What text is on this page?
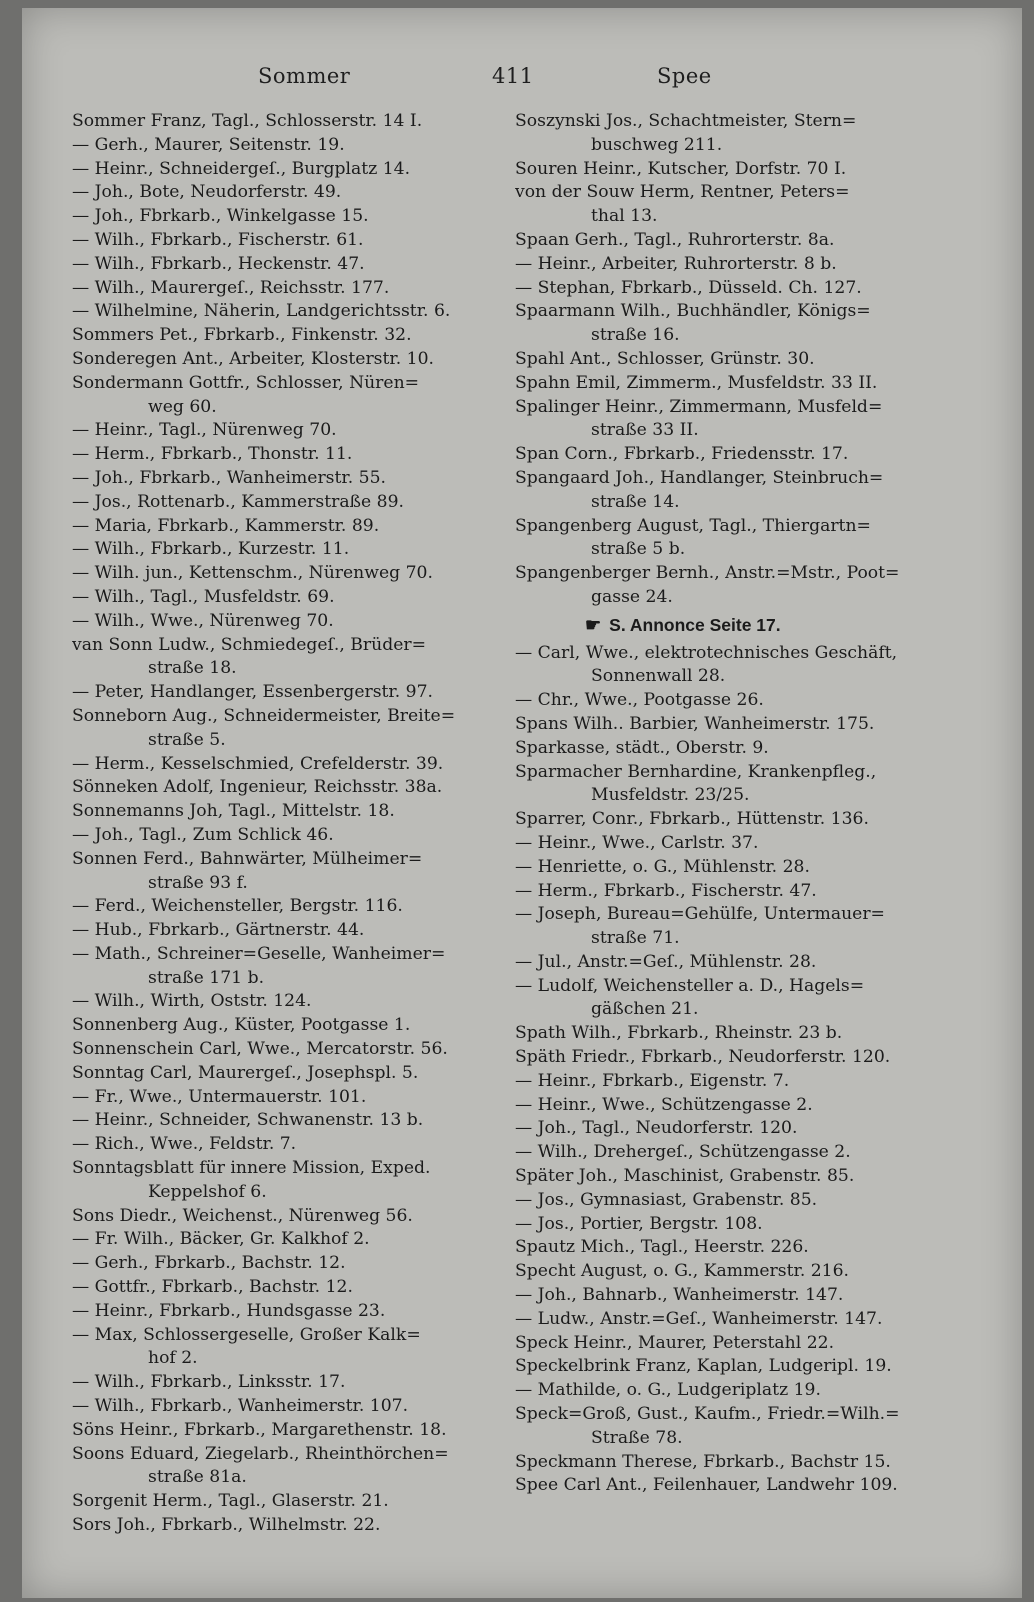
Sommer	411	Spee
Sommer Franz, Tagl., Schlosserstr. 14 I.
— Gerh., Maurer, Seitenstr. 19.
— Heinr., Schneidergeſ., Burgplatz 14.
— Joh., Bote, Neudorferstr. 49.
— Joh., Fbrkarb., Winkelgasse 15.
— Wilh., Fbrkarb., Fischerstr. 61.
— Wilh., Fbrkarb., Heckenstr. 47.
— Wilh., Maurergeſ., Reichsstr. 177.
— Wilhelmine, Näherin, Landgerichtsstr. 6.
Sommers Pet., Fbrkarb., Finkenstr. 32.
Sonderegen Ant., Arbeiter, Klosterstr. 10.
Sondermann Gottfr., Schlosser, Nüren=
weg 60.
— Heinr., Tagl., Nürenweg 70.
— Herm., Fbrkarb., Thonstr. 11.
— Joh., Fbrkarb., Wanheimerstr. 55.
— Jos., Rottenarb., Kammerstraße 89.
— Maria, Fbrkarb., Kammerstr. 89.
— Wilh., Fbrkarb., Kurzestr. 11.
— Wilh. jun., Kettenschm., Nürenweg 70.
— Wilh., Tagl., Musfeldstr. 69.
— Wilh., Wwe., Nürenweg 70.
van Sonn Ludw., Schmiedegeſ., Brüder=
straße 18.
— Peter, Handlanger, Essenbergerstr. 97.
Sonneborn Aug., Schneidermeister, Breite=
straße 5.
— Herm., Kesselschmied, Crefelderstr. 39.
Sönneken Adolf, Ingenieur, Reichsstr. 38a.
Sonnemanns Joh, Tagl., Mittelstr. 18.
— Joh., Tagl., Zum Schlick 46.
Sonnen Ferd., Bahnwärter, Mülheimer=
straße 93 f.
— Ferd., Weichensteller, Bergstr. 116.
— Hub., Fbrkarb., Gärtnerstr. 44.
— Math., Schreiner=Geselle, Wanheimer=
straße 171 b.
— Wilh., Wirth, Oststr. 124.
Sonnenberg Aug., Küster, Pootgasse 1.
Sonnenschein Carl, Wwe., Mercatorstr. 56.
Sonntag Carl, Maurergeſ., Josephspl. 5.
— Fr., Wwe., Untermauerstr. 101.
— Heinr., Schneider, Schwanenstr. 13 b.
— Rich., Wwe., Feldstr. 7.
Sonntagsblatt für innere Mission, Exped.
Keppelshof 6.
Sons Diedr., Weichenst., Nürenweg 56.
— Fr. Wilh., Bäcker, Gr. Kalkhof 2.
— Gerh., Fbrkarb., Bachstr. 12.
— Gottfr., Fbrkarb., Bachstr. 12.
— Heinr., Fbrkarb., Hundsgasse 23.
— Max, Schlossergeselle, Großer Kalk=
hof 2.
— Wilh., Fbrkarb., Linksstr. 17.
— Wilh., Fbrkarb., Wanheimerstr. 107.
Söns Heinr., Fbrkarb., Margarethenstr. 18.
Soons Eduard, Ziegelarb., Rheinthörchen=
straße 81a.
Sorgenit Herm., Tagl., Glaserstr. 21.
Sors Joh., Fbrkarb., Wilhelmstr. 22.
Soszynski Jos., Schachtmeister, Stern=
buschweg 211.
Souren Heinr., Kutscher, Dorfstr. 70 I.
von der Souw Herm, Rentner, Peters=
thal 13.
Spaan Gerh., Tagl., Ruhrorterstr. 8a.
— Heinr., Arbeiter, Ruhrorterstr. 8 b.
— Stephan, Fbrkarb., Düsseld. Ch. 127.
Spaarmann Wilh., Buchhändler, Königs=
straße 16.
Spahl Ant., Schlosser, Grünstr. 30.
Spahn Emil, Zimmerm., Musfeldstr. 33 II.
Spalinger Heinr., Zimmermann, Musfeld=
straße 33 II.
Span Corn., Fbrkarb., Friedensstr. 17.
Spangaard Joh., Handlanger, Steinbruch=
straße 14.
Spangenberg August, Tagl., Thiergartn=
straße 5 b.
Spangenberger Bernh., Anstr.=Mstr., Poot=
gasse 24.
☛ S. Annonce Seite 17.
— Carl, Wwe., elektrotechnisches Geschäft,
Sonnenwall 28.
— Chr., Wwe., Pootgasse 26.
Spans Wilh.. Barbier, Wanheimerstr. 175.
Sparkasse, städt., Oberstr. 9.
Sparmacher Bernhardine, Krankenpfleg.,
Musfeldstr. 23/25.
Sparrer, Conr., Fbrkarb., Hüttenstr. 136.
— Heinr., Wwe., Carlstr. 37.
— Henriette, o. G., Mühlenstr. 28.
— Herm., Fbrkarb., Fischerstr. 47.
— Joseph, Bureau=Gehülfe, Untermauer=
straße 71.
— Jul., Anstr.=Geſ., Mühlenstr. 28.
— Ludolf, Weichensteller a. D., Hagels=
gäßchen 21.
Spath Wilh., Fbrkarb., Rheinstr. 23 b.
Späth Friedr., Fbrkarb., Neudorferstr. 120.
— Heinr., Fbrkarb., Eigenstr. 7.
— Heinr., Wwe., Schützengasse 2.
— Joh., Tagl., Neudorferstr. 120.
— Wilh., Drehergeſ., Schützengasse 2.
Später Joh., Maschinist, Grabenstr. 85.
— Jos., Gymnasiast, Grabenstr. 85.
— Jos., Portier, Bergstr. 108.
Spautz Mich., Tagl., Heerstr. 226.
Specht August, o. G., Kammerstr. 216.
— Joh., Bahnarb., Wanheimerstr. 147.
— Ludw., Anstr.=Geſ., Wanheimerstr. 147.
Speck Heinr., Maurer, Peterstahl 22.
Speckelbrink Franz, Kaplan, Ludgeripl. 19.
— Mathilde, o. G., Ludgeriplatz 19.
Speck=Groß, Gust., Kaufm., Friedr.=Wilh.=
Straße 78.
Speckmann Therese, Fbrkarb., Bachstr 15.
Spee Carl Ant., Feilenhauer, Landwehr 109.
